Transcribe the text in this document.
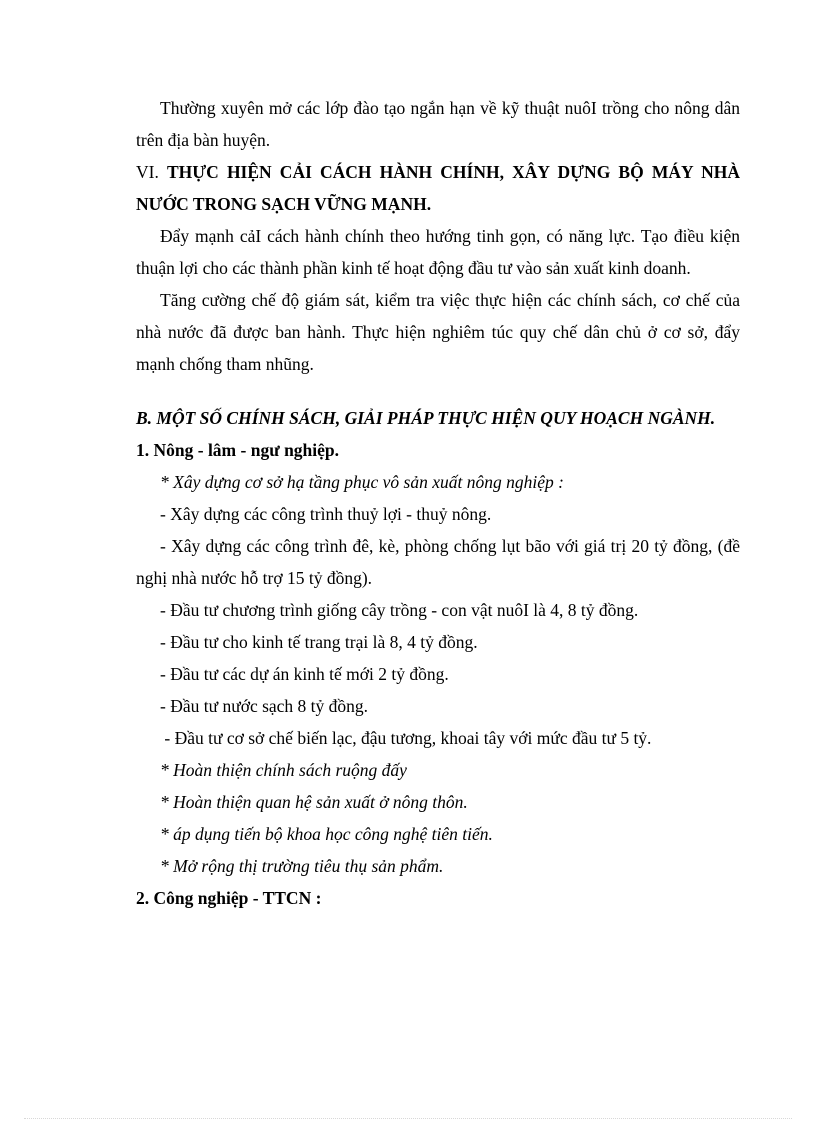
Thường xuyên mở các lớp đào tạo ngắn hạn về kỹ thuật nuôI trồng cho nông dân trên địa bàn huyện.

VI. THỰC HIỆN CẢI CÁCH HÀNH CHÍNH, XÂY DỰNG BỘ MÁY NHÀ NƯỚC TRONG SẠCH VỮNG MẠNH.

Đẩy mạnh cảI cách hành chính theo hướng tinh gọn, có năng lực. Tạo điều kiện thuận lợi cho các thành phần kinh tế hoạt động đầu tư vào sản xuất kinh doanh.

Tăng cường chế độ giám sát, kiểm tra việc thực hiện các chính sách, cơ chế của nhà nước đã được ban hành. Thực hiện nghiêm túc quy chế dân chủ ở cơ sở, đẩy mạnh chống tham nhũng.

B. MỘT SỐ CHÍNH SÁCH, GIẢI PHÁP THỰC HIỆN QUY HOẠCH NGÀNH.

1. Nông - lâm - ngư nghiệp.

* Xây dựng cơ sở hạ tầng phục vô sản xuất nông nghiệp :

- Xây dựng các công trình thuỷ lợi - thuỷ nông.

- Xây dựng các công trình đê, kè, phòng chống lụt bão với giá trị 20 tỷ đồng, (đề nghị nhà nước hỗ trợ 15 tỷ đồng).

- Đầu tư chương trình giống cây trồng - con vật nuôI là 4, 8 tỷ đồng.

- Đầu tư cho kinh tế trang trại là 8, 4 tỷ đồng.

- Đầu tư các dự án kinh tế mới 2 tỷ đồng.

- Đầu tư nước sạch 8 tỷ đồng.

- Đầu tư cơ sở chế biến lạc, đậu tương, khoai tây với mức đầu tư 5 tỷ.

* Hoàn thiện chính sách ruộng đấy

* Hoàn thiện quan hệ sản xuất ở nông thôn.

* áp dụng tiến bộ khoa học công nghệ tiên tiến.

* Mở rộng thị trường tiêu thụ sản phẩm.

2. Công nghiệp - TTCN :
